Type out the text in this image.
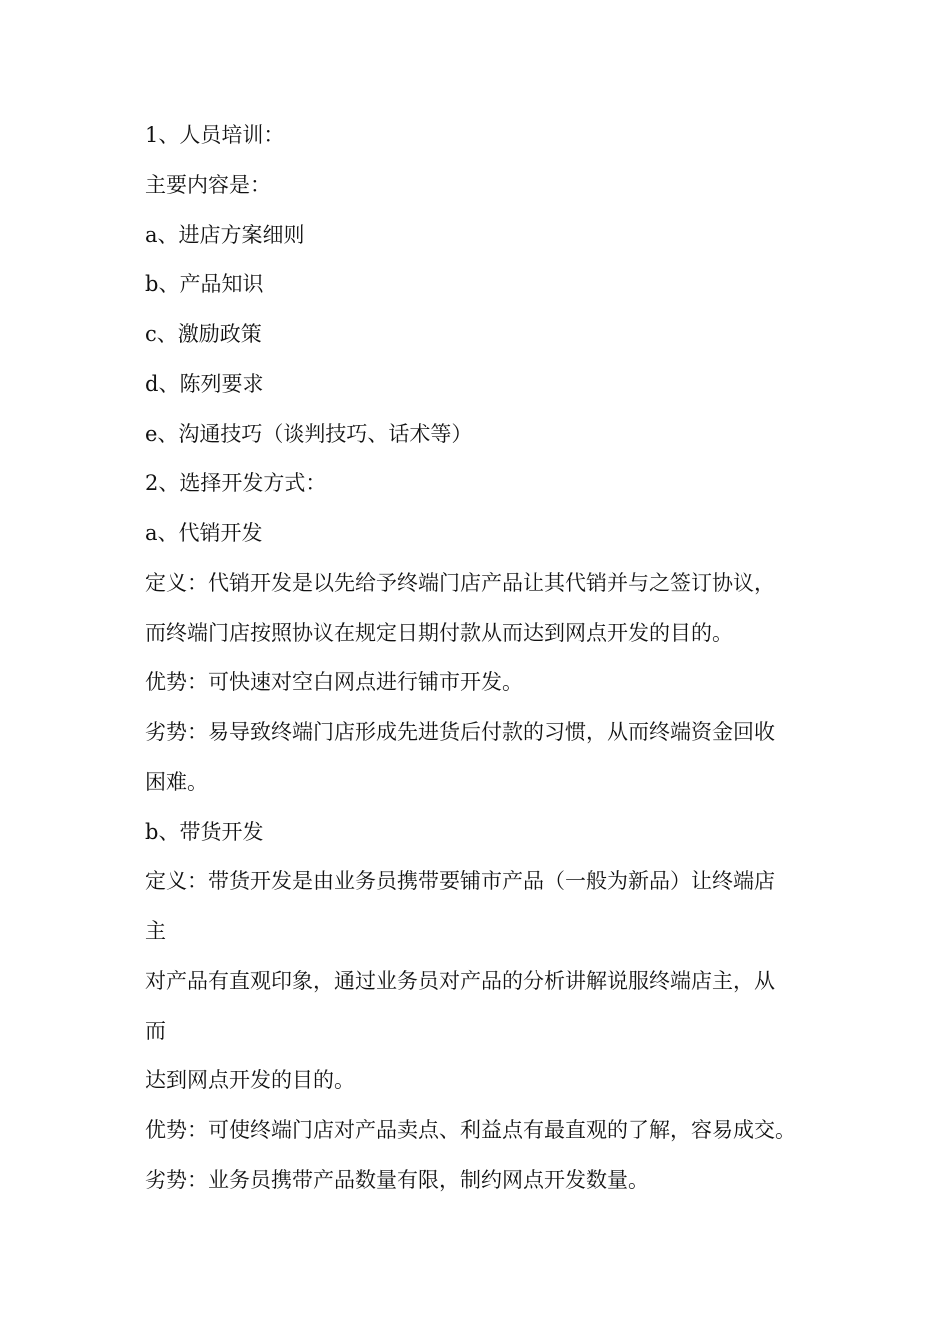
1、人员培训：
主要内容是：
a、进店方案细则
b、产品知识
c、激励政策
d、陈列要求
e、沟通技巧（谈判技巧、话术等）
2、选择开发方式：
a、代销开发
定义：代销开发是以先给予终端门店产品让其代销并与之签订协议，
而终端门店按照协议在规定日期付款从而达到网点开发的目的。
优势：可快速对空白网点进行铺市开发。
劣势：易导致终端门店形成先进货后付款的习惯，从而终端资金回收
困难。
b、带货开发
定义：带货开发是由业务员携带要铺市产品（一般为新品）让终端店
主
对产品有直观印象，通过业务员对产品的分析讲解说服终端店主，从
而
达到网点开发的目的。
优势：可使终端门店对产品卖点、利益点有最直观的了解，容易成交。
劣势：业务员携带产品数量有限，制约网点开发数量。
